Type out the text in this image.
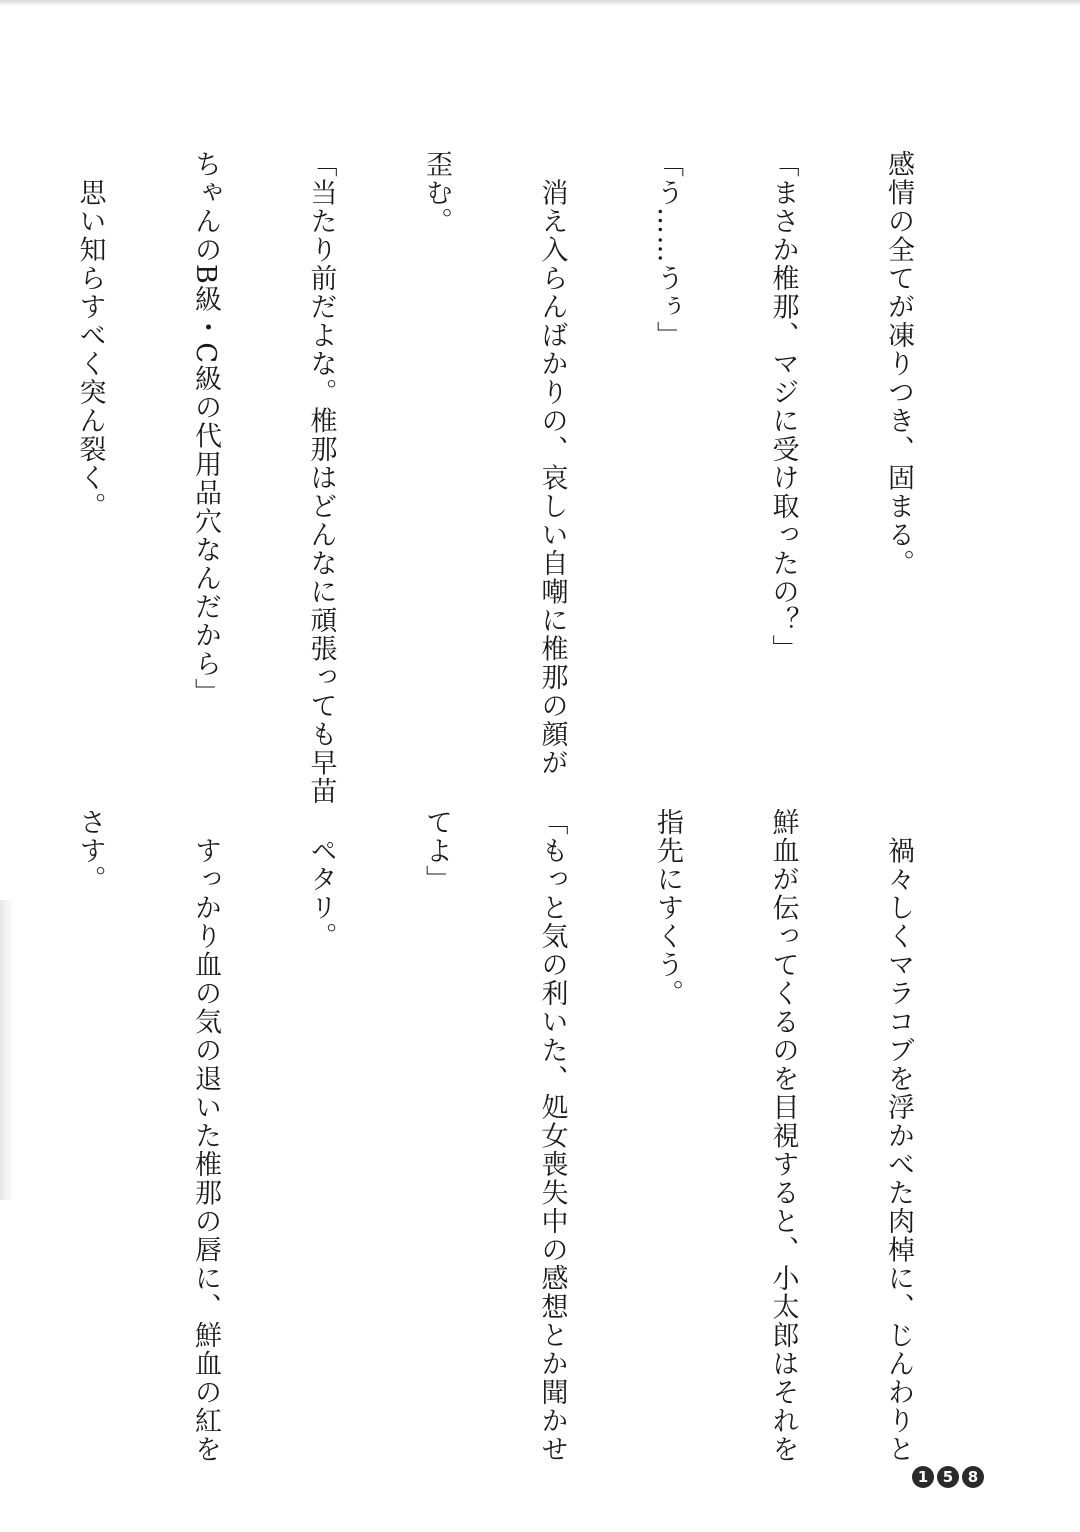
感情の全てが凍りつき、固まる。

「まさか椎那、マジに受け取ったの？」

「う……うぅ」

　消え入らんばかりの、哀しい自嘲に椎那の顔が

歪む。

「当たり前だよな。椎那はどんなに頑張っても早苗

ちゃんのB級・C級の代用品穴なんだから」

　思い知らすべく突ん裂く。

　禍々しくマラコブを浮かべた肉棹に、じんわりと

鮮血が伝ってくるのを目視すると、小太郎はそれを

指先にすくう。

「もっと気の利いた、処女喪失中の感想とか聞かせ

てよ」

　ペタリ。

　すっかり血の気の退いた椎那の唇に、鮮血の紅を

さす。

1 5 8
